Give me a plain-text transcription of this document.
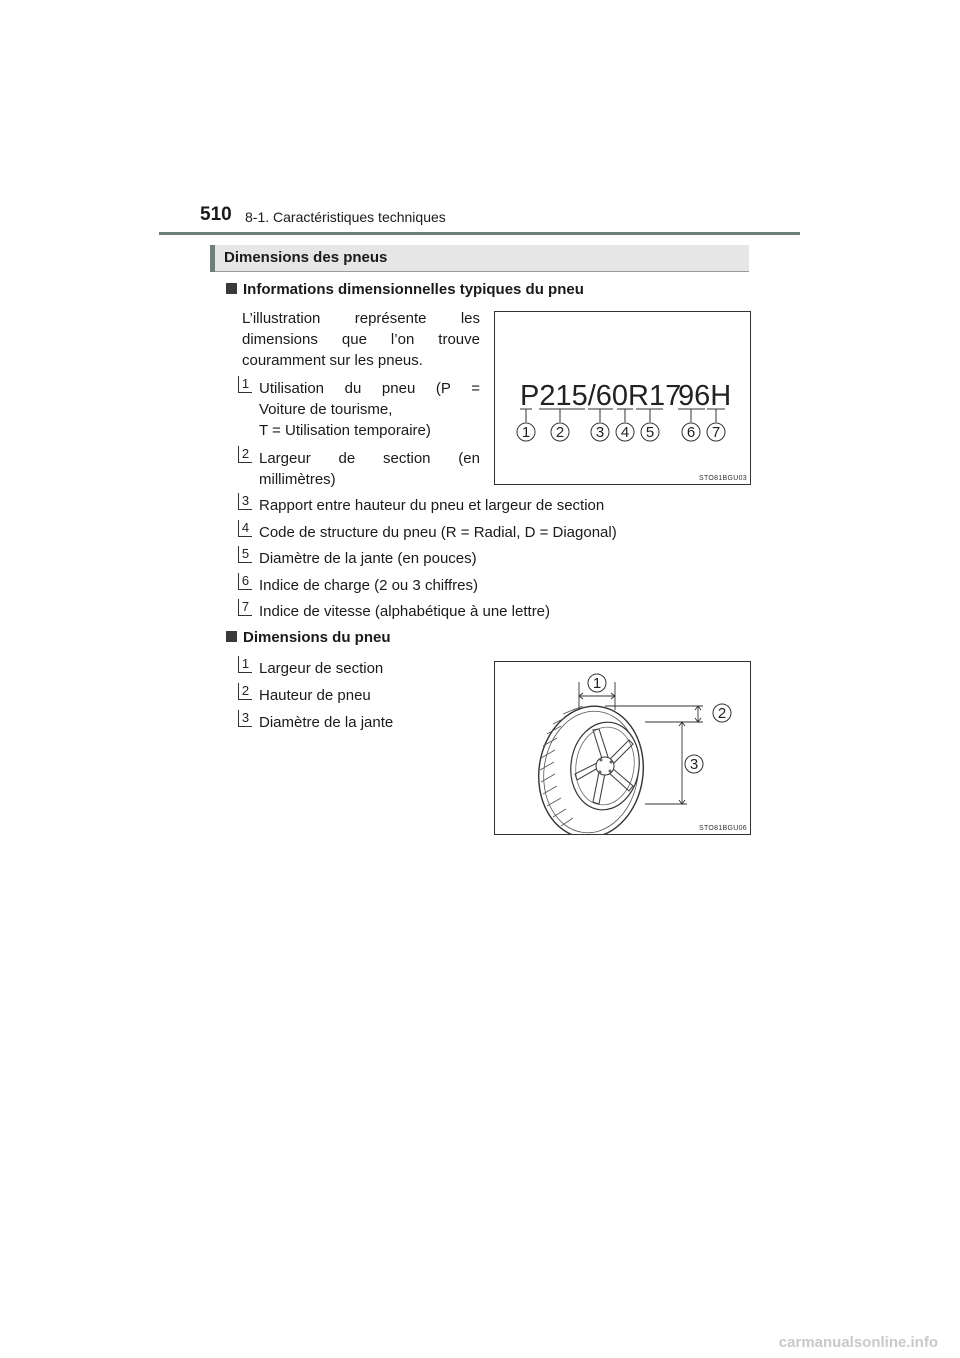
510 8-1. Caractéristiques techniques
Dimensions des pneus
Informations dimensionnelles typiques du pneu
L’illustration représente les dimensions que l’on trouve couramment sur les pneus.
1 Utilisation du pneu (P =
Voiture de tourisme,
T = Utilisation temporaire)
2 Largeur de section (en
millimètres)
3 Rapport entre hauteur du pneu et largeur de section
4 Code de structure du pneu (R = Radial, D = Diagonal)
5 Diamètre de la jante (en pouces)
6 Indice de charge (2 ou 3 chiffres)
7 Indice de vitesse (alphabétique à une lettre)
P215/60R17
96H
1 2 3 4 5 6 7
STO81BGU03
Dimensions du pneu
1 Largeur de section
2 Hauteur de pneu
3 Diamètre de la jante
1
2
3
STO81BGU06
carmanualsonline.info
